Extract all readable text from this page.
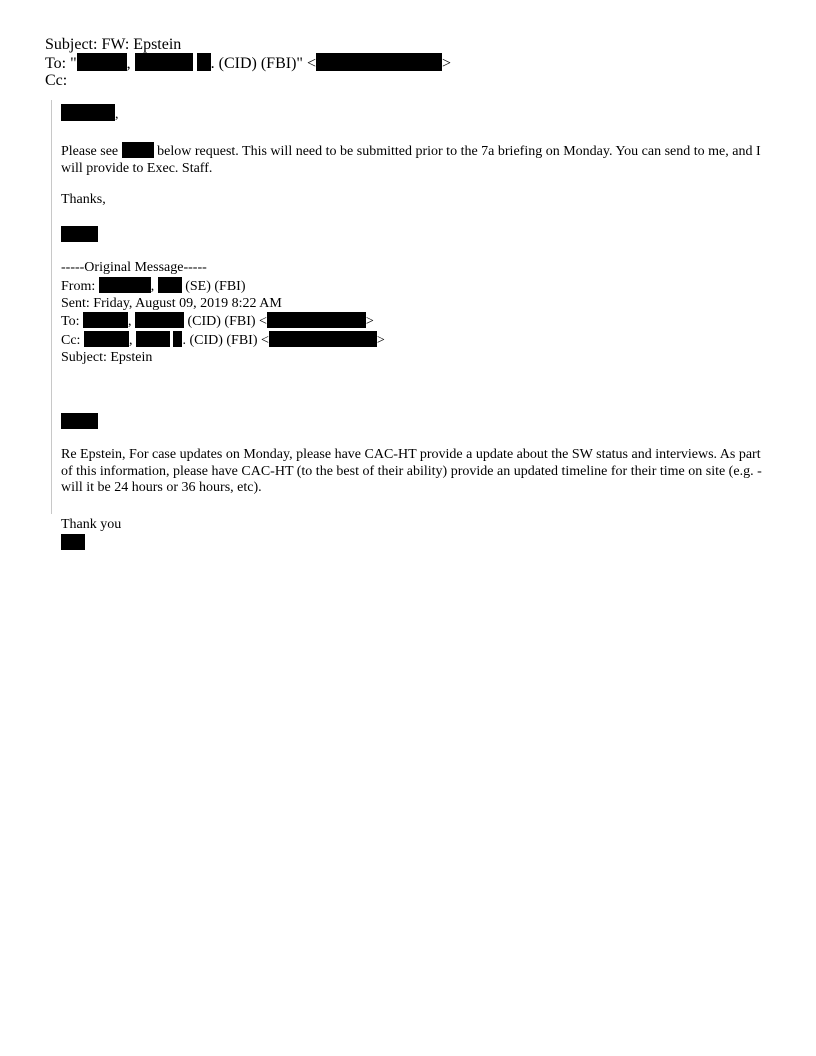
Subject: FW: Epstein
To: "	,	. (CID) (FBI)" <	>
Cc:
,

Please see	below request. This will need to be submitted prior to the 7a briefing on Monday. You can send to me, and I will provide to Exec. Staff.

Thanks,
-----Original Message-----
From:	, (SE) (FBI)
Sent: Friday, August 09, 2019 8:22 AM
To:	,	(CID) (FBI) <	>
Cc:	,	. (CID) (FBI) <	>
Subject: Epstein

Re Epstein, For case updates on Monday, please have CAC-HT provide a update about the SW status and interviews. As part of this information, please have CAC-HT (to the best of their ability) provide an updated timeline for their time on site (e.g. - will it be 24 hours or 36 hours, etc).

Thank you
